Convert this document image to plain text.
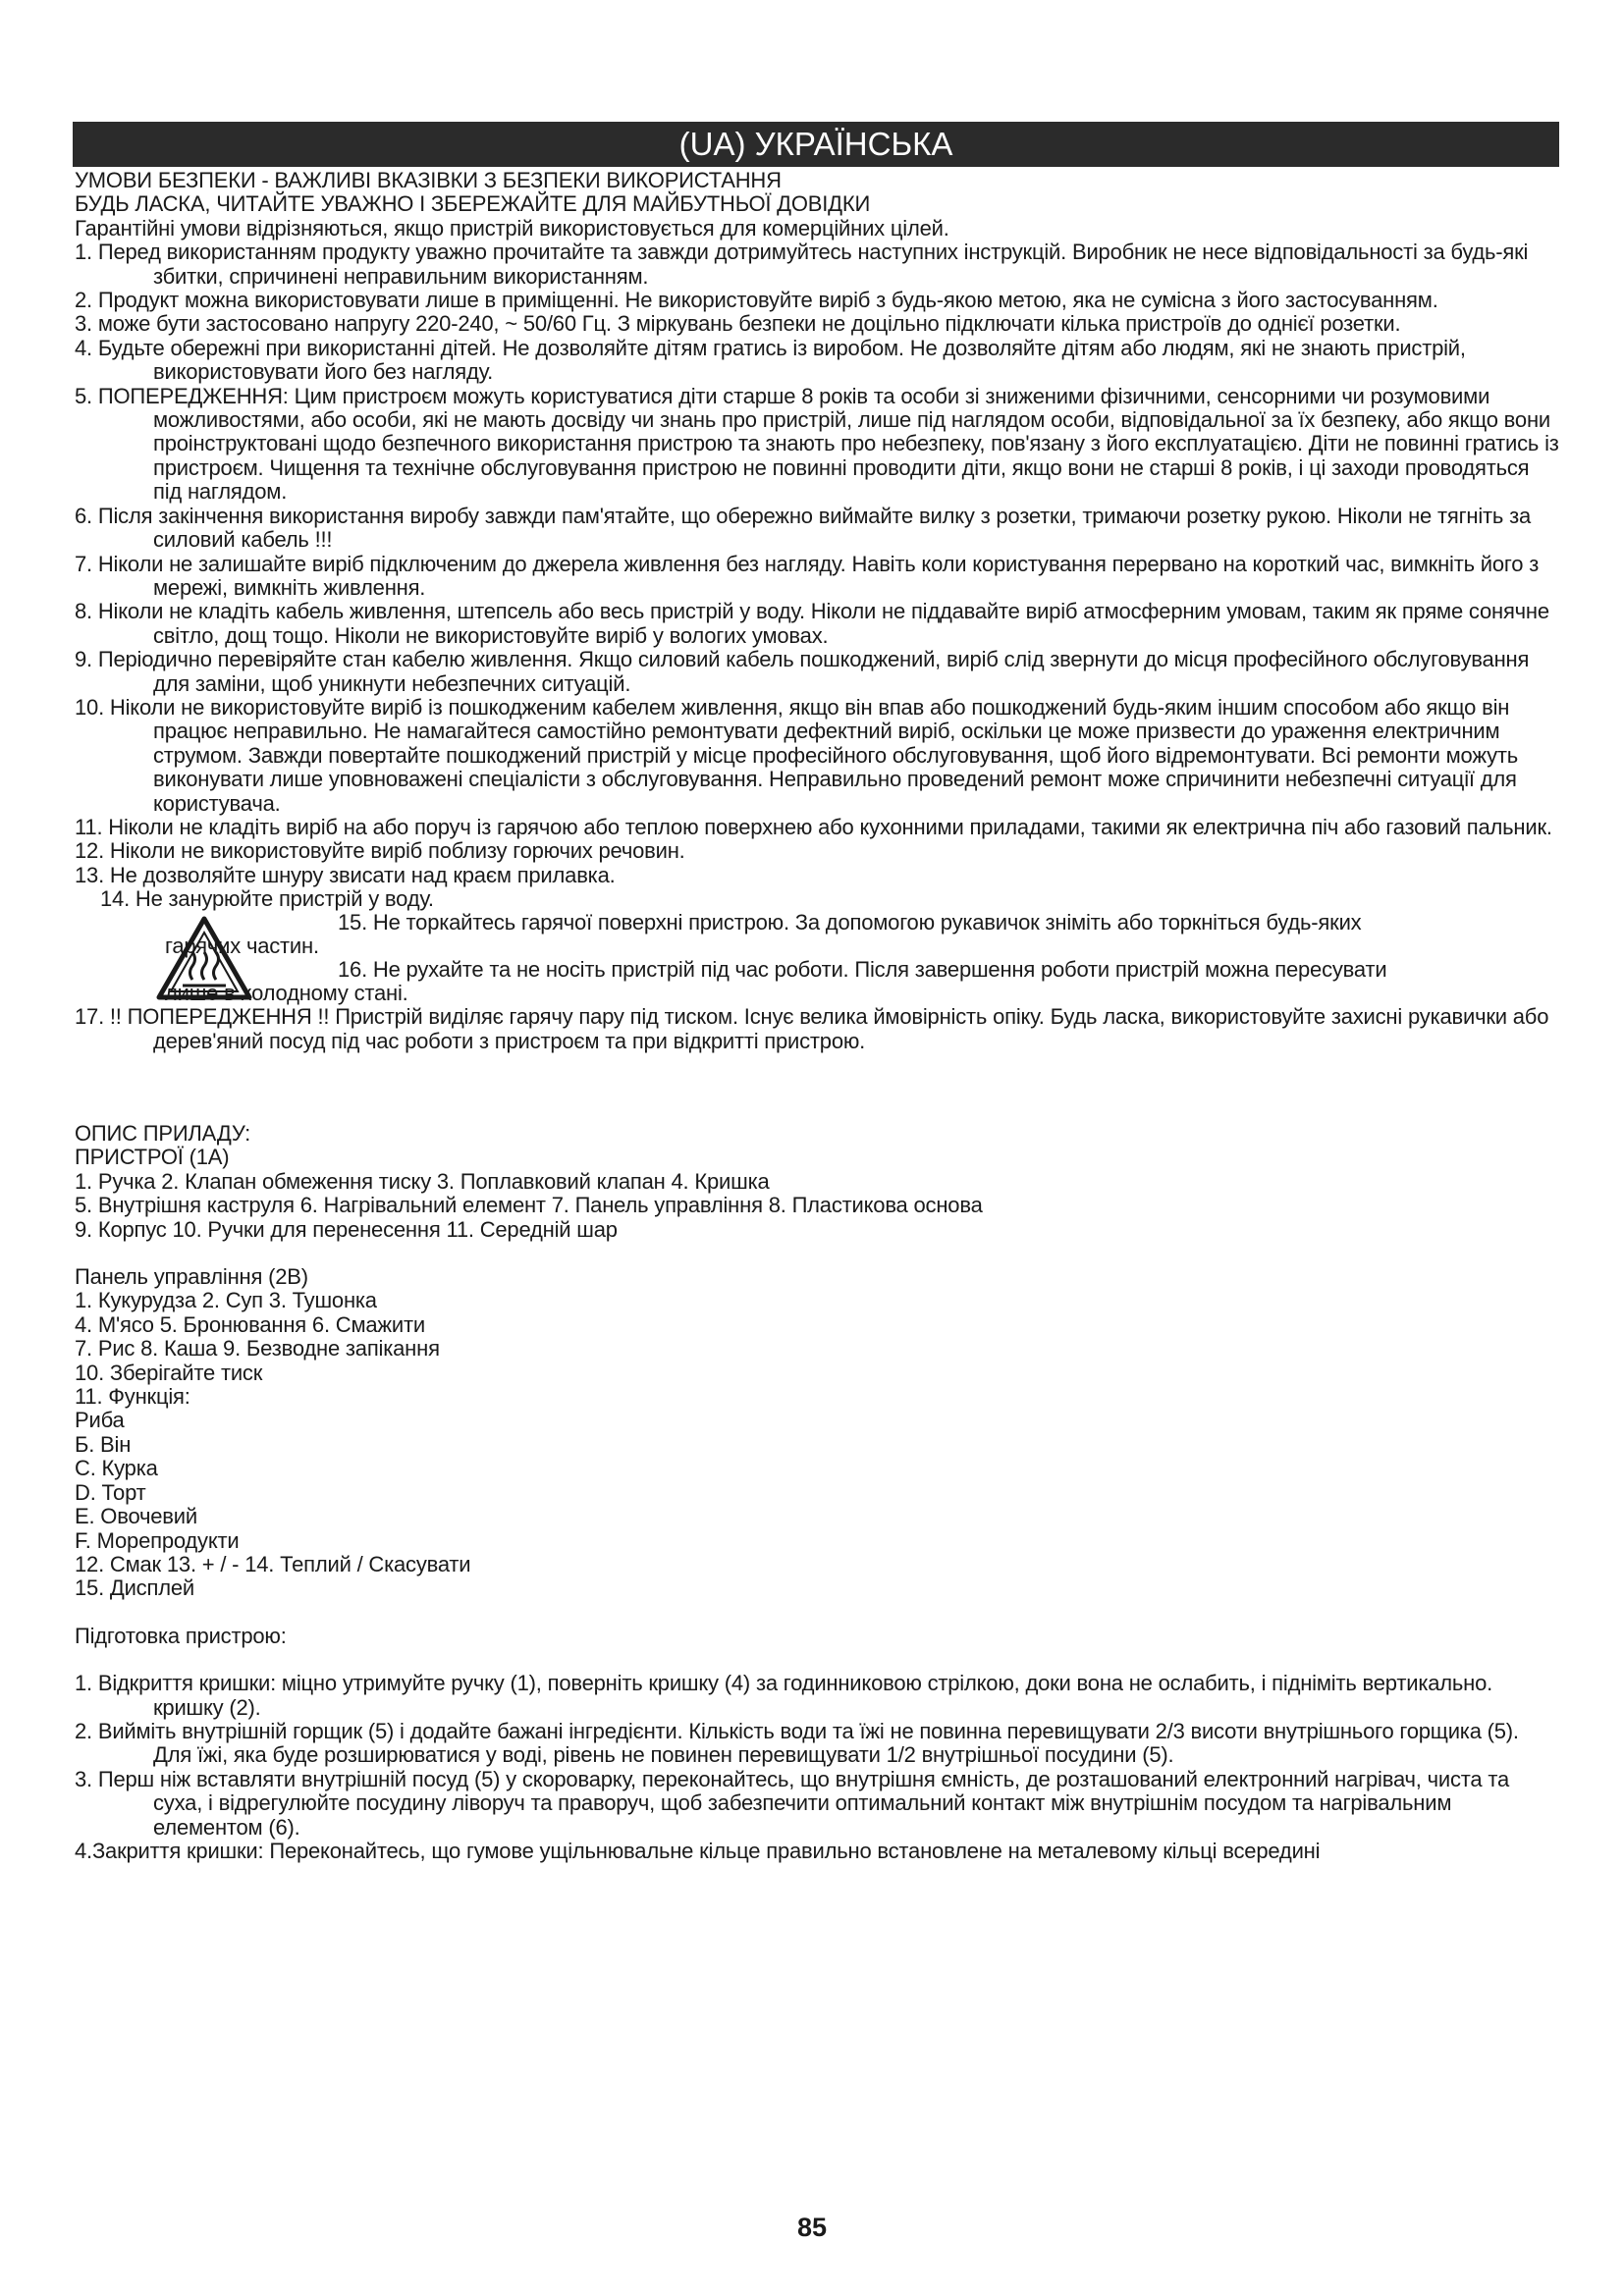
(UA) УКРАЇНСЬКА

УМОВИ БЕЗПЕКИ - ВАЖЛИВІ ВКАЗІВКИ З БЕЗПЕКИ ВИКОРИСТАННЯ

БУДЬ ЛАСКА, ЧИТАЙТЕ УВАЖНО І ЗБЕРЕЖАЙТЕ ДЛЯ МАЙБУТНЬОЇ ДОВІДКИ

Гарантійні умови відрізняються, якщо пристрій використовується для комерційних цілей.

1. Перед використанням продукту уважно прочитайте та завжди дотримуйтесь наступних інструкцій. Виробник не несе відповідальності за будь-які збитки, спричинені неправильним використанням.
2. Продукт можна використовувати лише в приміщенні. Не використовуйте виріб з будь-якою метою, яка не сумісна з його застосуванням.
3. може бути застосовано напругу 220-240, ~ 50/60 Гц. З міркувань безпеки не доцільно підключати кілька пристроїв до однієї розетки.
4. Будьте обережні при використанні дітей. Не дозволяйте дітям гратись із виробом. Не дозволяйте дітям або людям, які не знають пристрій, використовувати його без нагляду.
5. ПОПЕРЕДЖЕННЯ: Цим пристроєм можуть користуватися діти старше 8 років та особи зі зниженими фізичними, сенсорними чи розумовими можливостями, або особи, які не мають досвіду чи знань про пристрій, лише під наглядом особи, відповідальної за їх безпеку, або якщо вони проінструктовані щодо безпечного використання пристрою та знають про небезпеку, пов'язану з його експлуатацією. Діти не повинні гратись із пристроєм. Чищення та технічне обслуговування пристрою не повинні проводити діти, якщо вони не старші 8 років, і ці заходи проводяться під наглядом.
6. Після закінчення використання виробу завжди пам'ятайте, що обережно виймайте вилку з розетки, тримаючи розетку рукою. Ніколи не тягніть за силовий кабель !!!
7. Ніколи не залишайте виріб підключеним до джерела живлення без нагляду. Навіть коли користування перервано на короткий час, вимкніть його з мережі, вимкніть живлення.
8. Ніколи не кладіть кабель живлення, штепсель або весь пристрій у воду. Ніколи не піддавайте виріб атмосферним умовам, таким як пряме сонячне світло, дощ тощо. Ніколи не використовуйте виріб у вологих умовах.
9. Періодично перевіряйте стан кабелю живлення. Якщо силовий кабель пошкоджений, виріб слід звернути до місця професійного обслуговування для заміни, щоб уникнути небезпечних ситуацій.
10. Ніколи не використовуйте виріб із пошкодженим кабелем живлення, якщо він впав або пошкоджений будь-яким іншим способом або якщо він працює неправильно. Не намагайтеся самостійно ремонтувати дефектний виріб, оскільки це може призвести до ураження електричним струмом. Завжди повертайте пошкоджений пристрій у місце професійного обслуговування, щоб його відремонтувати. Всі ремонти можуть виконувати лише уповноважені спеціалісти з обслуговування. Неправильно проведений ремонт може спричинити небезпечні ситуації для користувача.
11. Ніколи не кладіть виріб на або поруч із гарячою або теплою поверхнею або кухонними приладами, такими як електрична піч або газовий пальник.
12. Ніколи не використовуйте виріб поблизу горючих речовин.
13. Не дозволяйте шнуру звисати над краєм прилавка.
14. Не занурюйте пристрій у воду.
15. Не торкайтесь гарячої поверхні пристрою. За допомогою рукавичок зніміть або торкніться будь-яких
гарячих частин.
16. Не рухайте та не носіть пристрій під час роботи. Після завершення роботи пристрій можна пересувати
лише в холодному стані.
17. !! ПОПЕРЕДЖЕННЯ !! Пристрій виділяє гарячу пару під тиском. Існує велика ймовірність опіку. Будь ласка, використовуйте захисні рукавички або дерев'яний посуд під час роботи з пристроєм та при відкритті пристрою.

ОПИС ПРИЛАДУ:

ПРИСТРОЇ (1А)

1. Ручка 2. Клапан обмеження тиску 3. Поплавковий клапан 4. Кришка

5. Внутрішня каструля 6. Нагрівальний елемент 7. Панель управління 8. Пластикова основа

9. Корпус 10. Ручки для перенесення 11. Середній шар

Панель управління (2В)

1. Кукурудза 2. Суп 3. Тушонка

4. М'ясо 5. Бронювання 6. Смажити

7. Рис 8. Каша 9. Безводне запікання

10. Зберігайте тиск

11. Функція:

Риба

Б. Він

C. Курка

D. Торт

E. Овочевий

F. Морепродукти

12. Смак 13. + / - 14. Теплий / Скасувати

15. Дисплей

Підготовка пристрою:

1. Відкриття кришки: міцно утримуйте ручку (1), поверніть кришку (4) за годинниковою стрілкою, доки вона не ослабить, і підніміть вертикально. кришку (2).
2. Вийміть внутрішній горщик (5) і додайте бажані інгредієнти. Кількість води та їжі не повинна перевищувати 2/3 висоти внутрішнього горщика (5). Для їжі, яка буде розширюватися у воді, рівень не повинен перевищувати 1/2 внутрішньої посудини (5).
3. Перш ніж вставляти внутрішній посуд (5) у скороварку, переконайтесь, що внутрішня ємність, де розташований електронний нагрівач, чиста та суха, і відрегулюйте посудину ліворуч та праворуч, щоб забезпечити оптимальний контакт між внутрішнім посудом та нагрівальним елементом (6).

4.Закриття кришки: Переконайтесь, що гумове ущільнювальне кільце правильно встановлене на металевому кільці всередині

85
